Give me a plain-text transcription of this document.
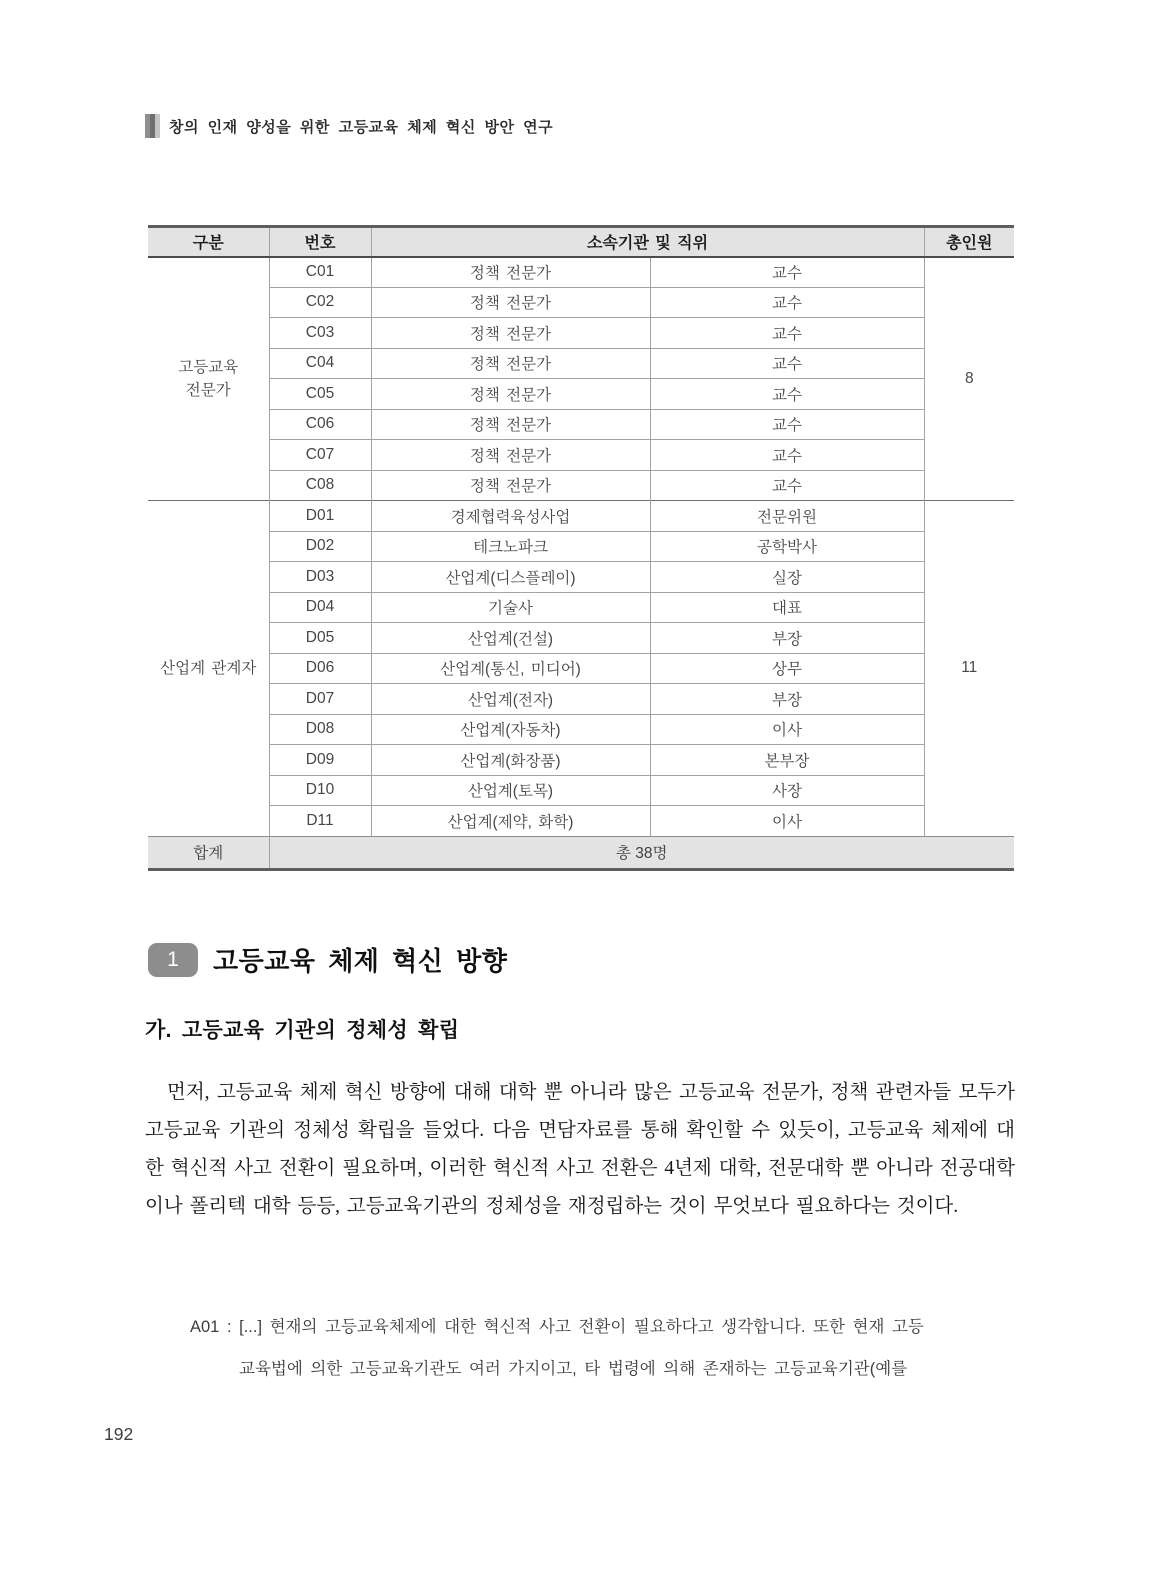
창의 인재 양성을 위한 고등교육 체제 혁신 방안 연구
구분	번호	소속기관 및 직위		총인원
고등교육
전문가	C01	정책 전문가	교수	8
	C02	정책 전문가	교수	
	C03	정책 전문가	교수	
	C04	정책 전문가	교수	
	C05	정책 전문가	교수	
	C06	정책 전문가	교수	
	C07	정책 전문가	교수	
	C08	정책 전문가	교수	
산업계 관계자	D01	경제협력육성사업	전문위원	11
	D02	테크노파크	공학박사	
	D03	산업계(디스플레이)	실장	
	D04	기술사	대표	
	D05	산업계(건설)	부장	
	D06	산업계(통신, 미디어)	상무	
	D07	산업계(전자)	부장	
	D08	산업계(자동차)	이사	
	D09	산업계(화장품)	본부장	
	D10	산업계(토목)	사장	
	D11	산업계(제약, 화학)	이사	
합계	총 38명			
1	고등교육 체제 혁신 방향
가. 고등교육 기관의 정체성 확립
먼저, 고등교육 체제 혁신 방향에 대해 대학 뿐 아니라 많은 고등교육 전문가, 정책 관련자들 모두가 고등교육 기관의 정체성 확립을 들었다. 다음 면담자료를 통해 확인할 수 있듯이, 고등교육 체제에 대한 혁신적 사고 전환이 필요하며, 이러한 혁신적 사고 전환은 4년제 대학, 전문대학 뿐 아니라 전공대학이나 폴리텍 대학 등등, 고등교육기관의 정체성을 재정립하는 것이 무엇보다 필요하다는 것이다.
A01 : [...] 현재의 고등교육체제에 대한 혁신적 사고 전환이 필요하다고 생각합니다. 또한 현재 고등
교육법에 의한 고등교육기관도 여러 가지이고, 타 법령에 의해 존재하는 고등교육기관(예를
192
